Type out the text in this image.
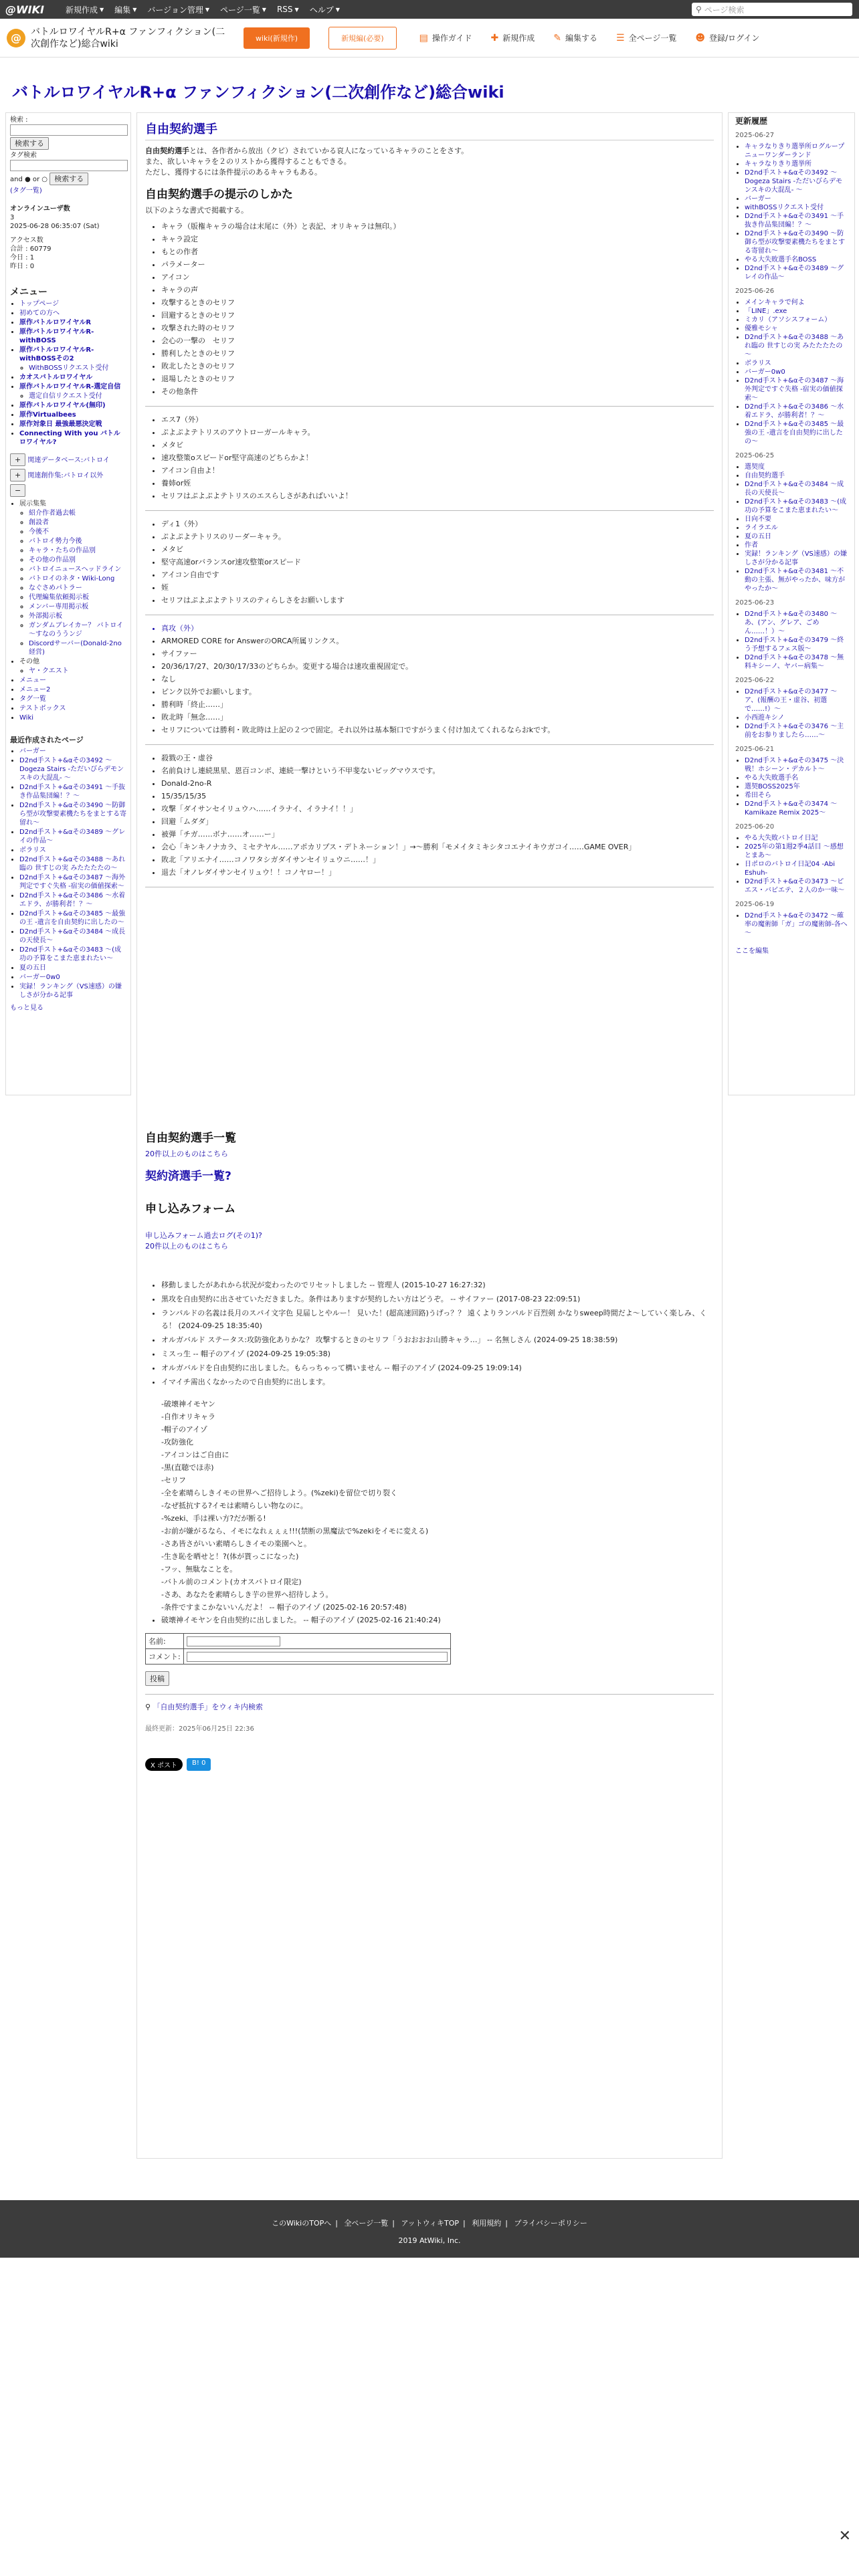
@WIKI	新規作成 ▼ 編集 ▼ バージョン管理 ▼ ページ一覧 ▼ RSS ▼ ヘルプ ▼	⚲ ページ検索
@	バトルロワイヤルR+α ファンフィクション(二次創作など)総合wiki
wiki(新規作)	新規編(必要)	▤ 操作ガイド ✚ 新規作成 ✎ 編集する ☰ 全ページ一覧 ☻ 登録/ログイン
バトルロワイヤルR+α ファンフィクション(二次創作など)総合wiki
検索 :
検索する
タグ検索
and ● or ○ 検索する
(タグ一覧)
オンラインユーザ数
3
2025-06-28 06:35:07 (Sat)
アクセス数
合計 : 60779
今日 : 1
昨日 : 0
メニュー
• トップページ
• 初めての方へ
• 原作バトルロワイヤルR
• 原作バトルロワイヤルR-withBOSS
• 原作バトルロワイヤルR-withBOSSその2
◦ WithBOSSリクエスト受付
• カオスバトルロワイヤル
• 原作バトルロワイヤルR-選定自信
◦ 選定自信リクエスト受付
• 原作バトルロワイヤル(無印)
• 原作Virtualbees
• 原作対象日 最強最悪決定戦
• Connecting With you バトルロワイヤル?
+ 関連データベース:バトロイ
+ 関連創作集:バトロイ以外
−
• 展示集集
◦ 紹介作者過去帳
◦ 創設者
◦ 今後不
◦ バトロイ勢力今後
◦ キャラ・たちの作品別
◦ その他の作品別
◦ バトロイニュースヘッドライン
◦ バトロイのネタ・Wiki-Long
◦ なぐさめパトラー
◦ 代理編集依頼掲示板
◦ メンバー専用掲示板
◦ 外部掲示板
◦ ガンダムブレイカー？ バトロイ～すなのううンジ
◦ Discordサーバー(Donald-2no経営)
• その他
◦ ヤ・クエスト
• メニュー
• メニュー2
• タグ一覧
• テストボックス
• Wiki
最近作成されたページ
• バーガー
• D2nd手スト+&αその3492 ～Dogeza Stairs -ただいびらデモンスキの大混乱- ～
• D2nd手スト+&αその3491 ～手抜き作品集団編！？～
• D2nd手スト+&αその3490 ～防御ら型が攻撃要素機たちをまとする寄留れ～
• D2nd手スト+&αその3489 ～グレイの作品～
• ボラリス
• D2nd手スト+&αその3488 ～あれ臨の 世すじの実 みたたたたの～
• D2nd手スト+&αその3487 ～海外判定ですぐ失格 -宿実の価値探索～
• D2nd手スト+&αその3486 ～水着エドラ、が勝利者！？～
• D2nd手スト+&αその3485 ～最強の王 -遺言を自由契約に出したの～
• D2nd手スト+&αその3484 ～成長の天使長～
• D2nd手スト+&αその3483 ～(成功の予算をこまた恵まれたい～
• 夏の五日
• バーガー0w0
• 実録！ランキング（VS速感）の嫌しさが分かる記事
もっと見る
自由契約選手

自由契約選手とは、各作者から放出（クビ）されていかる哀人になっているキャラのことをさす。

また、欲しいキャラを２のリストから獲得することもできる。

ただし、獲得するには条件提示のあるキャラもある。

自由契約選手の提示のしかた

以下のような書式で掲載する。

• キャラ（版権キャラの場合は末尾に（外）と表記、オリキャラは無印。）
• キャラ設定
• もとの作者
• パラメーター
• アイコン
• キャラの声
• 攻撃するときのセリフ
• 回避するときのセリフ
• 攻撃された時のセリフ
• 会心の一撃の　セリフ
• 勝利したときのセリフ
• 敗北したときのセリフ
• 退場したときのセリフ
• その他条件
• エス7（外）
• ぷよぷよテトリスのアウトローガールキャラ。
• メタビ
• 速攻整策oスピードor堅守高速のどちらかよ！
• アイコン自由よ！
• 養姉or姪
• セリフはぷよぷよテトリスのエスらしさがあればいいよ！
• ディ1（外）
• ぷよぷよテトリスのリーダーキャラ。
• メタビ
• 堅守高速orバランスor速攻整策orスピード
• アイコン自由です
• 姪
• セリフはぷよぷよテトリスのティらしさをお願いします
• 真攻（外）
• ARMORED CORE for AnswerのORCA所属リンクス。
• サイファー
• 20/36/17/27、20/30/17/33のどちらか。変更する場合は速攻重視固定で。
• なし
• ピンク以外でお願いします。
• 勝利時「終止……」
• 敗北時「無念……」
• セリフについては勝利・敗北時は上記の２つで固定。それ以外は基本類口ですがうまく付け加えてくれるならおkです。
• 殺戮の王・虚谷
• 名前負けし連続黒星、恩百コンボ、連続一撃けという不甲斐ないビッグマウスです。
• Donald-2no-R
• 15/35/15/35
• 攻撃「ダイサンセイリュウハ……イラナイ、イラナイ！！」
• 回避「ムダダ」
• 被弾「チガ……ボナ……オ……ー」
• 会心「キンキノナカラ、ミセテヤル……アポカリプス・デトネーション！」→～勝利「モメイタミキシタコエナイキウガコイ……GAME OVER」
• 敗北「アリエナイ……コノワタシガダイサンセイリュウニ……！」
• 退去「オノレダイサンセイリュウ！！コノヤロー！」
自由契約選手一覧

20件以上のものはこちら

契約済選手一覧?
申し込みフォーム

申し込みフォーム過去ログ(その1)?

20件以上のものはこちら

• 移動しましたがあれから状況が変わったのでリセットしました -- 管理人 (2015-10-27 16:27:32)
• 黒攻を自由契約に出させていただきました。条件はありますが契約したい方はどうぞ。 -- サイファー (2017-08-23 22:09:51)
• ランパルドの名義は長月のスパイ文字色 見届しとやルー！ 見いた！(超高速回路)うげっ？？ 遠くよりランパルド百烈剣 かなりsweep時間だよ～していく楽しみ、くる！ (2024-09-25 18:35:40)
• オルガバルド ステータス:攻防強化ありかな？ 攻撃するときのセリフ「うおおおお山勝キャラ…」 -- 名無しさん (2024-09-25 18:38:59)
• ミスっ生 -- 帽子のアイゾ (2024-09-25 19:05:38)
• オルガバルドを自由契約に出しました。もらっちゃって構いません -- 帽子のアイゾ (2024-09-25 19:09:14)
• イマイチ需出くなかったので自由契約に出します。
-破壊神イモヤン
-自作オリキャラ
-帽子のアイゾ
-攻防強化
-アイコンはご自由に
-黒(直聴でほ赤)
-セリフ
-全を素晴らしきイモの世界へご招待しよう。(%zeki)を留位で切り裂く
-なぜ抵抗する?イモは素晴らしい物なのに。
-%zeki、手は裸い方?だが断る!
-お前が嫌がるなら、イモになれぇぇぇ!!!(禁断の黒魔法で%zekiをイモに変える)
-さあ皆さがいい素晴らしきイモの楽園へと。
-生き恥を晒せと！?(体が貰っこになった)
-フッ、無駄なことを。
-バトル前のコメント(カオスバトロイ限定)
-さあ、あなたを素晴らしき芋の世界へ招待しよう。
-条件ですまこかないいんだよ！ -- 帽子のアイゾ (2025-02-16 20:57:48)
• 破壊神イモヤンを自由契約に出しました。 -- 帽子のアイゾ (2025-02-16 21:40:24)
名前:	
コメント:	
投稿
⚲ 「自由契約選手」をウィキ内検索
最終更新：2025年06月25日 22:36
X ポスト	B! 0
更新履歴
2025-06-27
• キャラなりきり選挙所ログループニューワンダーランド
• キャラなりきり選挙所
• D2nd手スト+&αその3492 ～Dogeza Stairs -ただいびらデモンスキの大混乱- ～
• バーガー
• withBOSSリクエスト受付
• D2nd手スト+&αその3491 ～手抜き作品集団編！？～
• D2nd手スト+&αその3490 ～防御ら型が攻撃要素機たちをまとする寄留れ～
• やる大失敗選手名BOSS
• D2nd手スト+&αその3489 ～グレイの作品～
2025-06-26
• メインキャラで何よ
• 「LINE」.exe
• ミカリ（アソシスフォーム）
• 優雅モシャ
• D2nd手スト+&αその3488 ～あれ臨の 世すじの実 みたたたたの～
• ボラリス
• バーガー0w0
• D2nd手スト+&αその3487 ～海外判定ですぐ失格 -宿実の価値探索～
• D2nd手スト+&αその3486 ～水着エドラ、が勝利者！？～
• D2nd手スト+&αその3485 ～最強の王 -遺言を自由契約に出したの～
2025-06-25
• 選契度
• 自由契約選手
• D2nd手スト+&αその3484 ～成長の天使長～
• D2nd手スト+&αその3483 ～(成功の予算をこまた恵まれたい～
• 日向不要
• ライラエル
• 夏の五日
• 作者
• 実録！ランキング（VS速感）の嫌しさが分かる記事
• D2nd手スト+&αその3481 ～不動の主張、無がやったか、味方がやったか～
2025-06-23
• D2nd手スト+&αその3480 ～あ、(アン、グレア、ごめん……！）～
• D2nd手スト+&αその3479 ～終う予想するフェス版～
• D2nd手スト+&αその3478 ～無料キシーノ、ヤバー病集～
2025-06-22
• D2nd手スト+&αその3477 ～ア、(報酬の王・虚谷、初選で……!）～
• 小西遊キシノ
• D2nd手スト+&αその3476 ～主前をお参りましたら……～
2025-06-21
• D2nd手スト+&αその3475 ～決戦！ホシーン・デカルト～
• やる大失敗選手名
• 選契BOSS2025年
• 希田そら
• D2nd手スト+&αその3474 ～Kamikaze Remix 2025～
2025-06-20
• やる大失敗バトロイ日記
• 2025年の第1週2季4話目 ～感想とまあ～
• 日ポロのバトロイ日記04 -Abi Eshuh-
• D2nd手スト+&αその3473 ～ピエス・バビエテ、２人のか一味～
2025-06-19
• D2nd手スト+&αその3472 ～確率の魔術師「ガ」ゴの魔術師-各へ～
ここを編集
このWikiのTOPへ | 全ページ一覧 | アットウィキTOP | 利用規約 | プライバシーポリシー
2019 AtWiki, Inc.
✕
